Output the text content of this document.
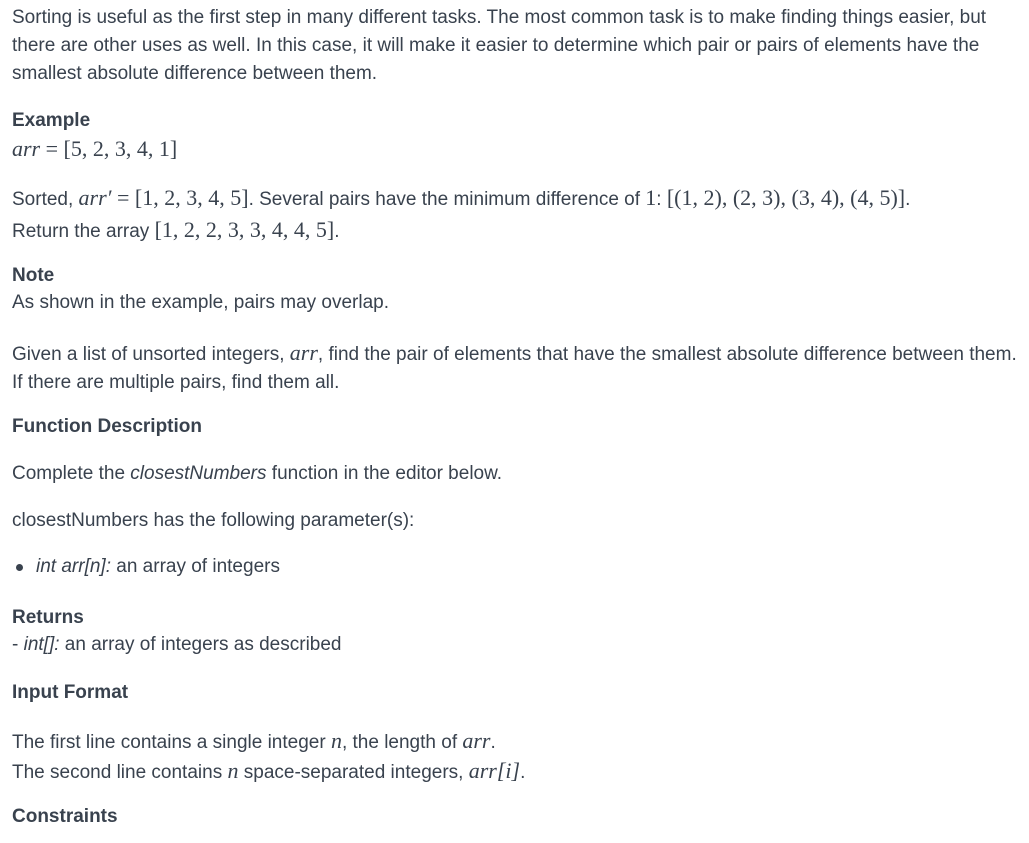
Sorting is useful as the first step in many different tasks. The most common task is to make finding things easier, but there are other uses as well. In this case, it will make it easier to determine which pair or pairs of elements have the smallest absolute difference between them.

Example
arr = [5, 2, 3, 4, 1]
Sorted, arr′ = [1, 2, 3, 4, 5]. Several pairs have the minimum difference of 1: [(1, 2), (2, 3), (3, 4), (4, 5)].
Return the array [1, 2, 2, 3, 3, 4, 4, 5].
Note
As shown in the example, pairs may overlap.

Given a list of unsorted integers, arr, find the pair of elements that have the smallest absolute difference between them. If there are multiple pairs, find them all.

Function Description
Complete the closestNumbers function in the editor below.
closestNumbers has the following parameter(s):
int arr[n]: an array of integers
Returns
- int[]: an array of integers as described
Input Format
The first line contains a single integer n, the length of arr.
The second line contains n space-separated integers, arr[i].
Constraints
